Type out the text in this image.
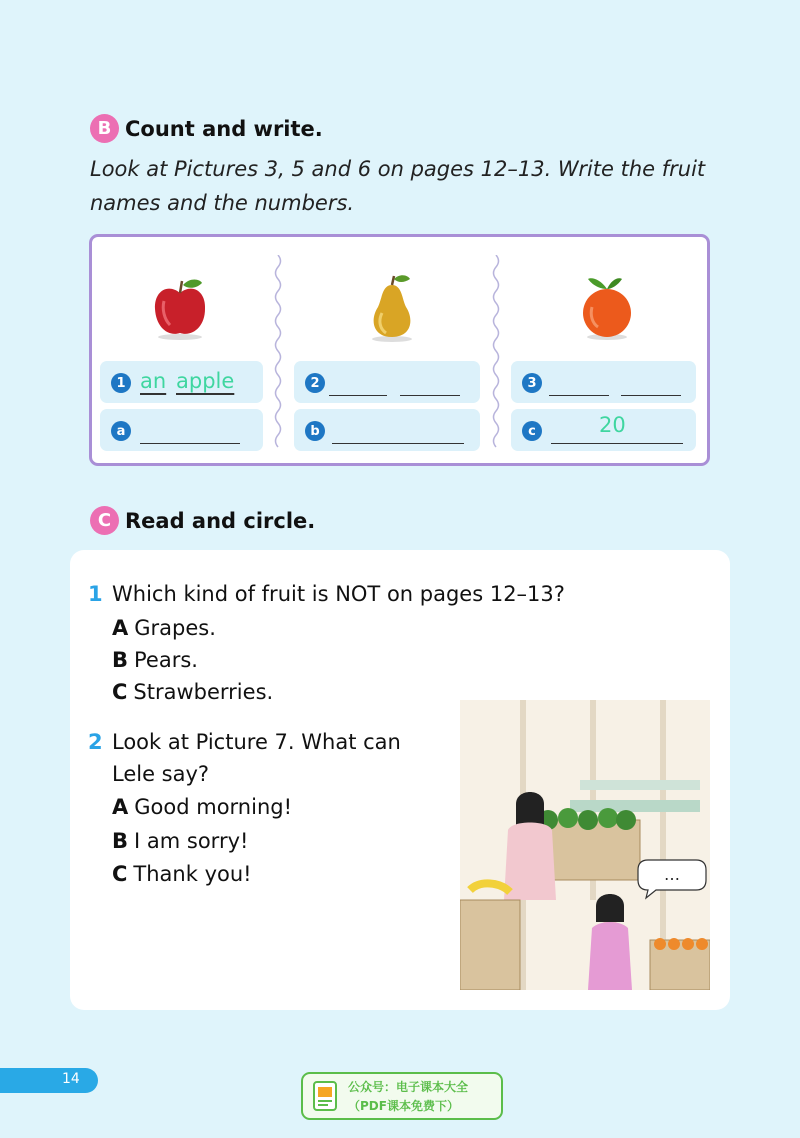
B Count and write.
Look at Pictures 3, 5 and 6 on pages 12–13. Write the fruit names and the numbers.
1 an apple
a
2
b
3
c	20
C Read and circle.
1 Which kind of fruit is NOT on pages 12–13?
A Grapes.
B Pears.
C Strawberries.
2 Look at Picture 7. What can
Lele say?
A Good morning!
B I am sorry!
C Thank you!	…
14	公众号：电子课本大全
（PDF课本免费下）
